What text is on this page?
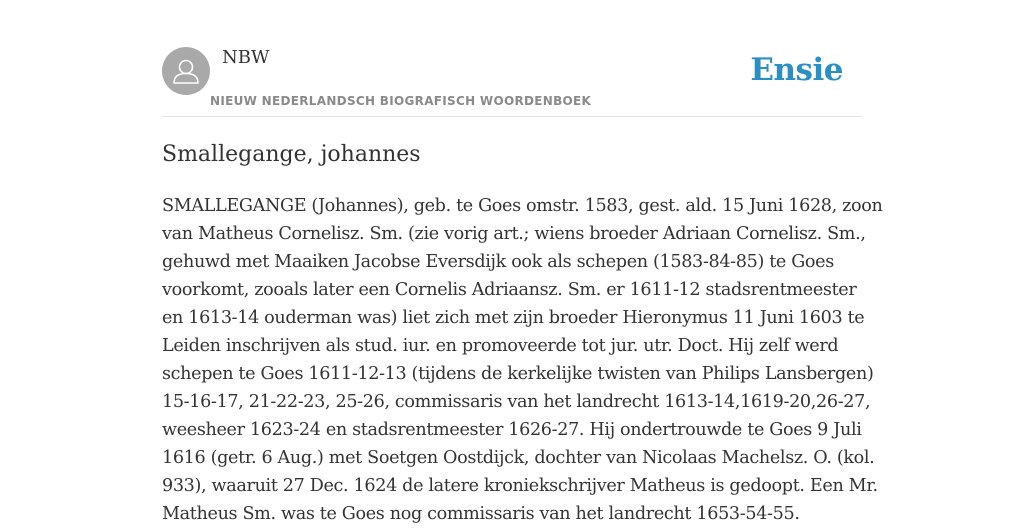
NBW
NIEUW NEDERLANDSCH BIOGRAFISCH WOORDENBOEK
Ensie
Smallegange, johannes

SMALLEGANGE (Johannes), geb. te Goes omstr. 1583, gest. ald. 15 Juni 1628, zoon
van Matheus Cornelisz. Sm. (zie vorig art.; wiens broeder Adriaan Cornelisz. Sm.,
gehuwd met Maaiken Jacobse Eversdijk ook als schepen (1583-84-85) te Goes
voorkomt, zooals later een Cornelis Adriaansz. Sm. er 1611-12 stadsrentmeester
en 1613-14 ouderman was) liet zich met zijn broeder Hieronymus 11 Juni 1603 te
Leiden inschrijven als stud. iur. en promoveerde tot jur. utr. Doct. Hij zelf werd
schepen te Goes 1611-12-13 (tijdens de kerkelijke twisten van Philips Lansbergen)
15-16-17, 21-22-23, 25-26, commissaris van het landrecht 1613-14,1619-20,26-27,
weesheer 1623-24 en stadsrentmeester 1626-27. Hij ondertrouwde te Goes 9 Juli
1616 (getr. 6 Aug.) met Soetgen Oostdijck, dochter van Nicolaas Machelsz. O. (kol.
933), waaruit 27 Dec. 1624 de latere kroniekschrijver Matheus is gedoopt. Een Mr.
Matheus Sm. was te Goes nog commissaris van het landrecht 1653-54-55.
